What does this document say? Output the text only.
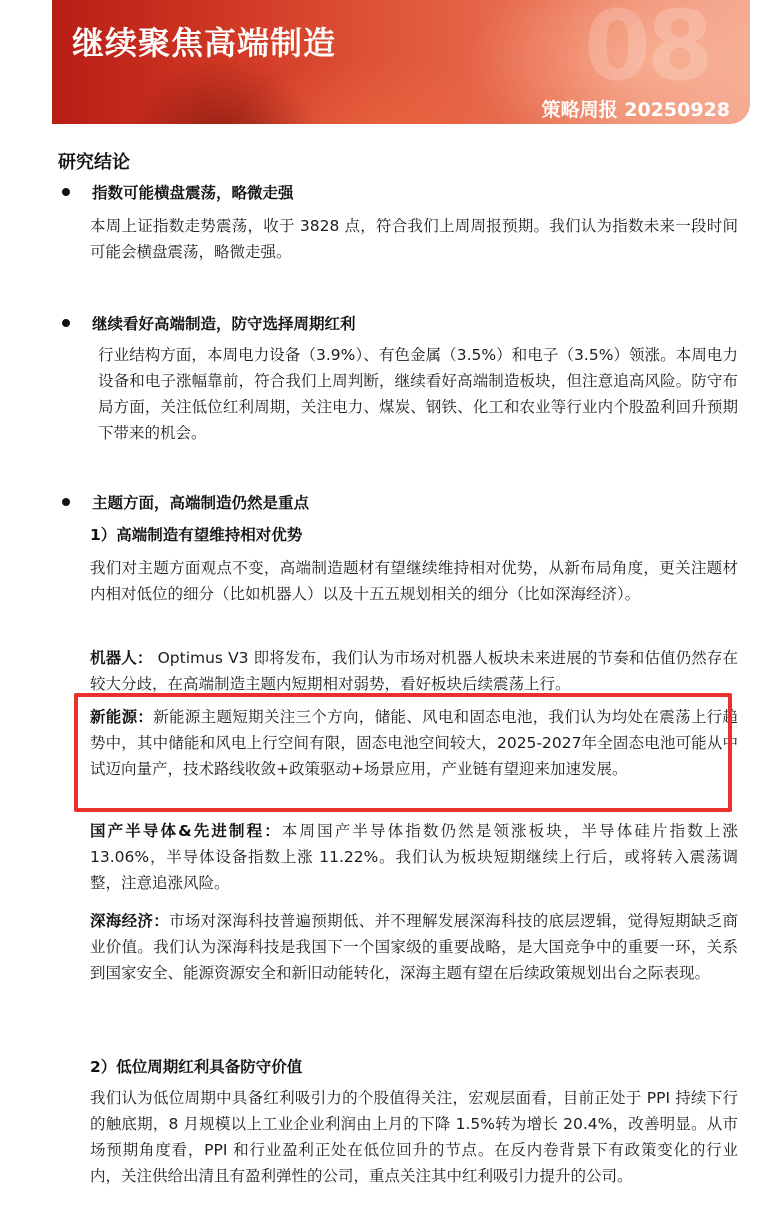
08
继续聚焦高端制造
策略周报 20250928
研究结论
指数可能横盘震荡，略微走强
本周上证指数走势震荡，收于 3828 点，符合我们上周周报预期。我们认为指数未来一段时间可能会横盘震荡，略微走强。
继续看好高端制造，防守选择周期红利
行业结构方面，本周电力设备（3.9%）、有色金属（3.5%）和电子（3.5%）领涨。本周电力设备和电子涨幅靠前，符合我们上周判断，继续看好高端制造板块，但注意追高风险。防守布局方面，关注低位红利周期，关注电力、煤炭、钢铁、化工和农业等行业内个股盈利回升预期下带来的机会。
主题方面，高端制造仍然是重点
1）高端制造有望维持相对优势
我们对主题方面观点不变，高端制造题材有望继续维持相对优势，从新布局角度，更关注题材内相对低位的细分（比如机器人）以及十五五规划相关的细分（比如深海经济）。
机器人： Optimus V3 即将发布，我们认为市场对机器人板块未来进展的节奏和估值仍然存在较大分歧，在高端制造主题内短期相对弱势，看好板块后续震荡上行。
新能源：新能源主题短期关注三个方向，储能、风电和固态电池，我们认为均处在震荡上行趋势中，其中储能和风电上行空间有限，固态电池空间较大，2025-2027年全固态电池可能从中试迈向量产，技术路线收敛+政策驱动+场景应用，产业链有望迎来加速发展。
国产半导体&先进制程：本周国产半导体指数仍然是领涨板块，半导体硅片指数上涨 13.06%，半导体设备指数上涨 11.22%。我们认为板块短期继续上行后，或将转入震荡调整，注意追涨风险。
深海经济：市场对深海科技普遍预期低、并不理解发展深海科技的底层逻辑，觉得短期缺乏商业价值。我们认为深海科技是我国下一个国家级的重要战略，是大国竞争中的重要一环，关系到国家安全、能源资源安全和新旧动能转化，深海主题有望在后续政策规划出台之际表现。
2）低位周期红利具备防守价值
我们认为低位周期中具备红利吸引力的个股值得关注，宏观层面看，目前正处于 PPI 持续下行的触底期，8 月规模以上工业企业利润由上月的下降 1.5%转为增长 20.4%，改善明显。从市场预期角度看，PPI 和行业盈利正处在低位回升的节点。在反内卷背景下有政策变化的行业内，关注供给出清且有盈利弹性的公司，重点关注其中红利吸引力提升的公司。
